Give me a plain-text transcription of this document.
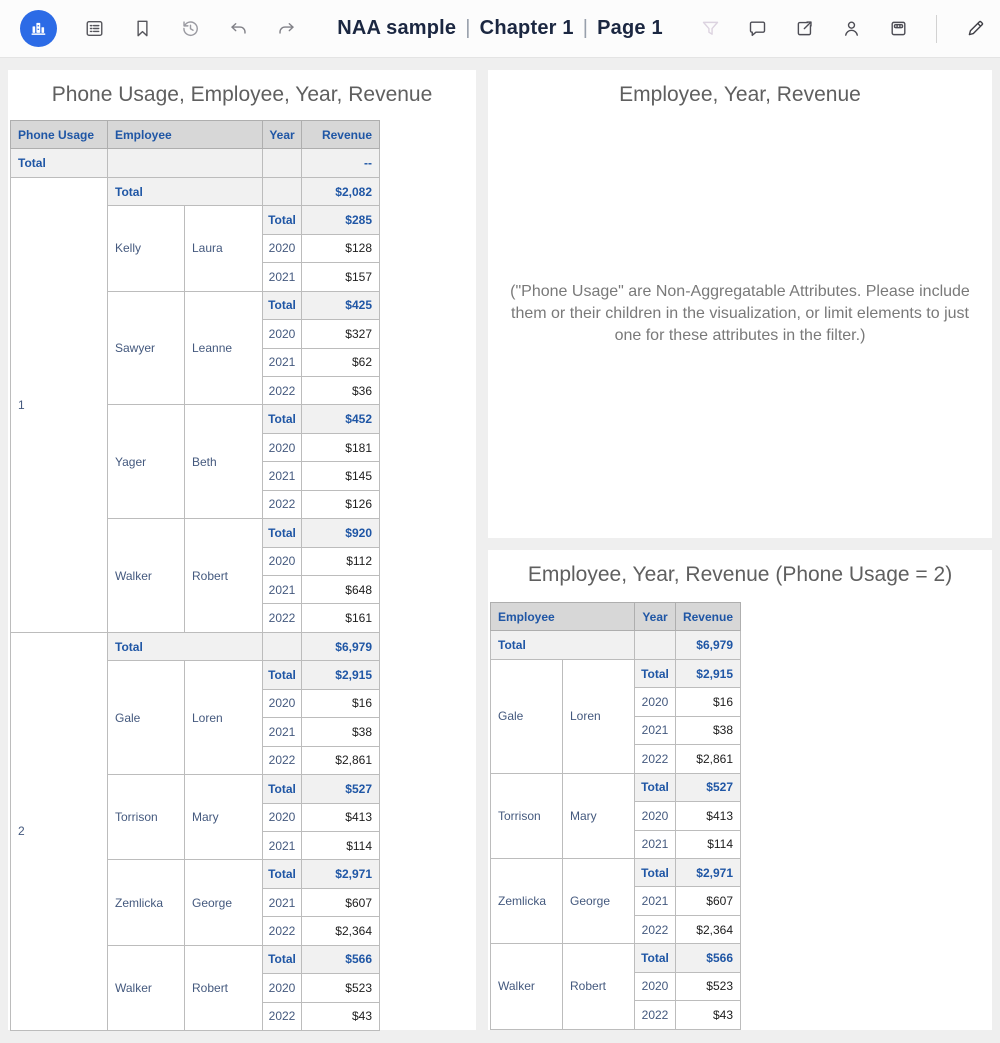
NAA sample | Chapter 1 | Page 1
Phone Usage, Employee, Year, Revenue
Phone Usage	Employee		Year	Revenue
Total				--
1	Total			$2,082
	Kelly	Laura	Total	$285
			2020	$128
			2021	$157
	Sawyer	Leanne	Total	$425
			2020	$327
			2021	$62
			2022	$36
	Yager	Beth	Total	$452
			2020	$181
			2021	$145
			2022	$126
	Walker	Robert	Total	$920
			2020	$112
			2021	$648
			2022	$161
2	Total			$6,979
	Gale	Loren	Total	$2,915
			2020	$16
			2021	$38
			2022	$2,861
	Torrison	Mary	Total	$527
			2020	$413
			2021	$114
	Zemlicka	George	Total	$2,971
			2021	$607
			2022	$2,364
	Walker	Robert	Total	$566
			2020	$523
			2022	$43
Employee, Year, Revenue
("Phone Usage" are Non-Aggregatable Attributes. Please include them or their children in the visualization, or limit elements to just one for these attributes in the filter.)
Employee, Year, Revenue (Phone Usage = 2)
Employee		Year	Revenue
Total			$6,979
Gale	Loren	Total	$2,915
		2020	$16
		2021	$38
		2022	$2,861
Torrison	Mary	Total	$527
		2020	$413
		2021	$114
Zemlicka	George	Total	$2,971
		2021	$607
		2022	$2,364
Walker	Robert	Total	$566
		2020	$523
		2022	$43
